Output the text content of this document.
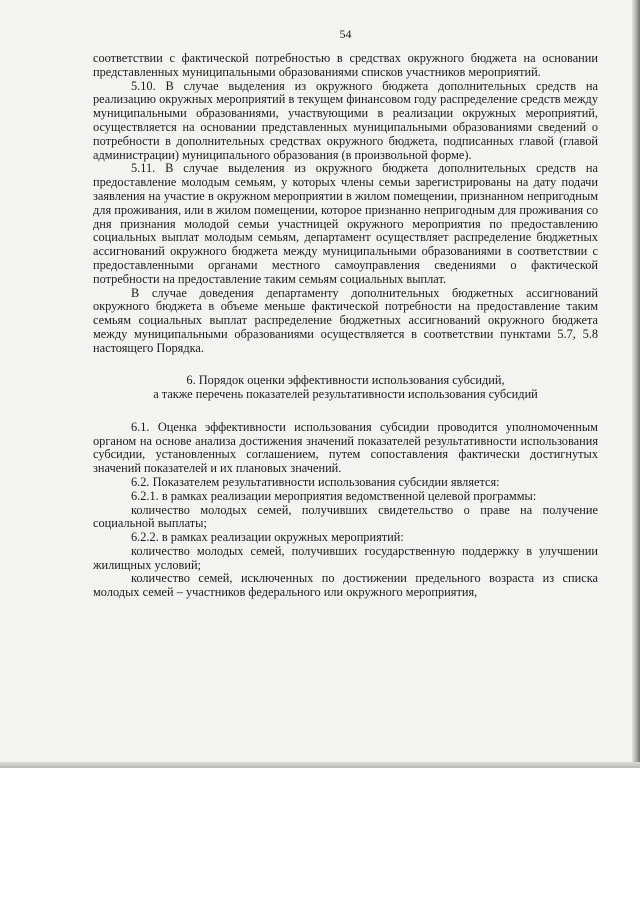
54

соответствии с фактической потребностью в средствах окружного бюджета на основании представленных муниципальными образованиями списков участников мероприятий.

5.10. В случае выделения из окружного бюджета дополнительных средств на реализацию окружных мероприятий в текущем финансовом году распределение средств между муниципальными образованиями, участвующими в реализации окружных мероприятий, осуществляется на основании представленных муниципальными образованиями сведений о потребности в дополнительных средствах окружного бюджета, подписанных главой (главой администрации) муниципального образования (в произвольной форме).

5.11. В случае выделения из окружного бюджета дополнительных средств на предоставление молодым семьям, у которых члены семьи зарегистрированы на дату подачи заявления на участие в окружном мероприятии в жилом помещении, признанном непригодным для проживания, или в жилом помещении, которое признанно непригодным для проживания со дня признания молодой семьи участницей окружного мероприятия по предоставлению социальных выплат молодым семьям, департамент осуществляет распределение бюджетных ассигнований окружного бюджета между муниципальными образованиями в соответствии с предоставленными органами местного самоуправления сведениями о фактической потребности на предоставление таким семьям социальных выплат.

В случае доведения департаменту дополнительных бюджетных ассигнований окружного бюджета в объеме меньше фактической потребности на предоставление таким семьям социальных выплат распределение бюджетных ассигнований окружного бюджета между муниципальными образованиями осуществляется в соответствии пунктами 5.7, 5.8 настоящего Порядка.

6. Порядок оценки эффективности использования субсидий,
а также перечень показателей результативности использования субсидий

6.1. Оценка эффективности использования субсидии проводится уполномоченным органом на основе анализа достижения значений показателей результативности использования субсидии, установленных соглашением, путем сопоставления фактически достигнутых значений показателей и их плановых значений.

6.2. Показателем результативности использования субсидии является:

6.2.1. в рамках реализации мероприятия ведомственной целевой программы:

количество молодых семей, получивших свидетельство о праве на получение социальной выплаты;

6.2.2. в рамках реализации окружных мероприятий:

количество молодых семей, получивших государственную поддержку в улучшении жилищных условий;

количество семей, исключенных по достижении предельного возраста из списка молодых семей – участников федерального или окружного мероприятия,
